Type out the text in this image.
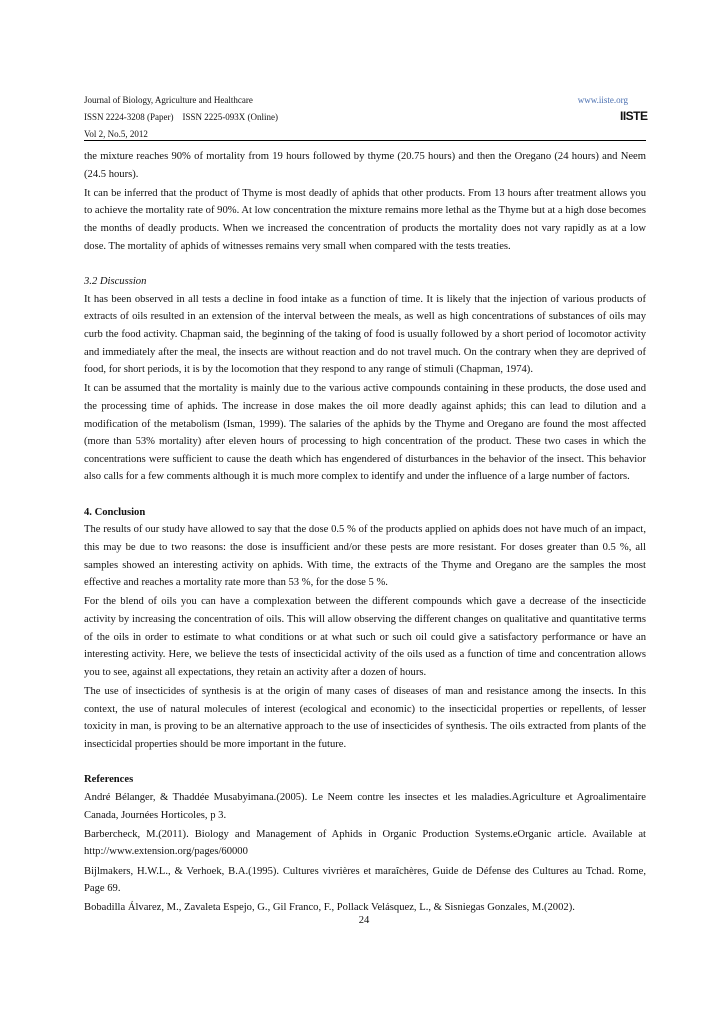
Journal of Biology, Agriculture and Healthcare
ISSN 2224-3208 (Paper) ISSN 2225-093X (Online)
Vol 2, No.5, 2012
www.iiste.org
IISTE

the mixture reaches 90% of mortality from 19 hours followed by thyme (20.75 hours) and then the Oregano (24 hours) and Neem (24.5 hours).

It can be inferred that the product of Thyme is most deadly of aphids that other products. From 13 hours after treatment allows you to achieve the mortality rate of 90%. At low concentration the mixture remains more lethal as the Thyme but at a high dose becomes the months of deadly products. When we increased the concentration of products the mortality does not vary rapidly as at a low dose. The mortality of aphids of witnesses remains very small when compared with the tests treaties.

3.2 Discussion

It has been observed in all tests a decline in food intake as a function of time. It is likely that the injection of various products of extracts of oils resulted in an extension of the interval between the meals, as well as high concentrations of substances of oils may curb the food activity. Chapman said, the beginning of the taking of food is usually followed by a short period of locomotor activity and immediately after the meal, the insects are without reaction and do not travel much. On the contrary when they are deprived of food, for short periods, it is by the locomotion that they respond to any range of stimuli (Chapman, 1974).

It can be assumed that the mortality is mainly due to the various active compounds containing in these products, the dose used and the processing time of aphids. The increase in dose makes the oil more deadly against aphids; this can lead to dilution and a modification of the metabolism (Isman, 1999). The salaries of the aphids by the Thyme and Oregano are found the most affected (more than 53% mortality) after eleven hours of processing to high concentration of the product. These two cases in which the concentrations were sufficient to cause the death which has engendered of disturbances in the behavior of the insect. This behavior also calls for a few comments although it is much more complex to identify and under the influence of a large number of factors.

4. Conclusion

The results of our study have allowed to say that the dose 0.5 % of the products applied on aphids does not have much of an impact, this may be due to two reasons: the dose is insufficient and/or these pests are more resistant. For doses greater than 0.5 %, all samples showed an interesting activity on aphids. With time, the extracts of the Thyme and Oregano are the samples the most effective and reaches a mortality rate more than 53 %, for the dose 5 %.

For the blend of oils you can have a complexation between the different compounds which gave a decrease of the insecticide activity by increasing the concentration of oils. This will allow observing the different changes on qualitative and quantitative terms of the oils in order to estimate to what conditions or at what such or such oil could give a satisfactory performance or have an interesting activity. Here, we believe the tests of insecticidal activity of the oils used as a function of time and concentration allows you to see, against all expectations, they retain an activity after a dozen of hours.

The use of insecticides of synthesis is at the origin of many cases of diseases of man and resistance among the insects. In this context, the use of natural molecules of interest (ecological and economic) to the insecticidal properties or repellents, of lesser toxicity in man, is proving to be an alternative approach to the use of insecticides of synthesis. The oils extracted from plants of the insecticidal properties should be more important in the future.

References

André Bélanger, & Thaddée Musabyimana.(2005). Le Neem contre les insectes et les maladies.Agriculture et Agroalimentaire Canada, Journées Horticoles, p 3.

Barbercheck, M.(2011). Biology and Management of Aphids in Organic Production Systems.eOrganic article. Available at http://www.extension.org/pages/60000

Bijlmakers, H.W.L., & Verhoek, B.A.(1995). Cultures vivrières et maraîchères, Guide de Défense des Cultures au Tchad. Rome, Page 69.

Bobadilla Álvarez, M., Zavaleta Espejo, G., Gil Franco, F., Pollack Velásquez, L., & Sisniegas Gonzales, M.(2002).

24
